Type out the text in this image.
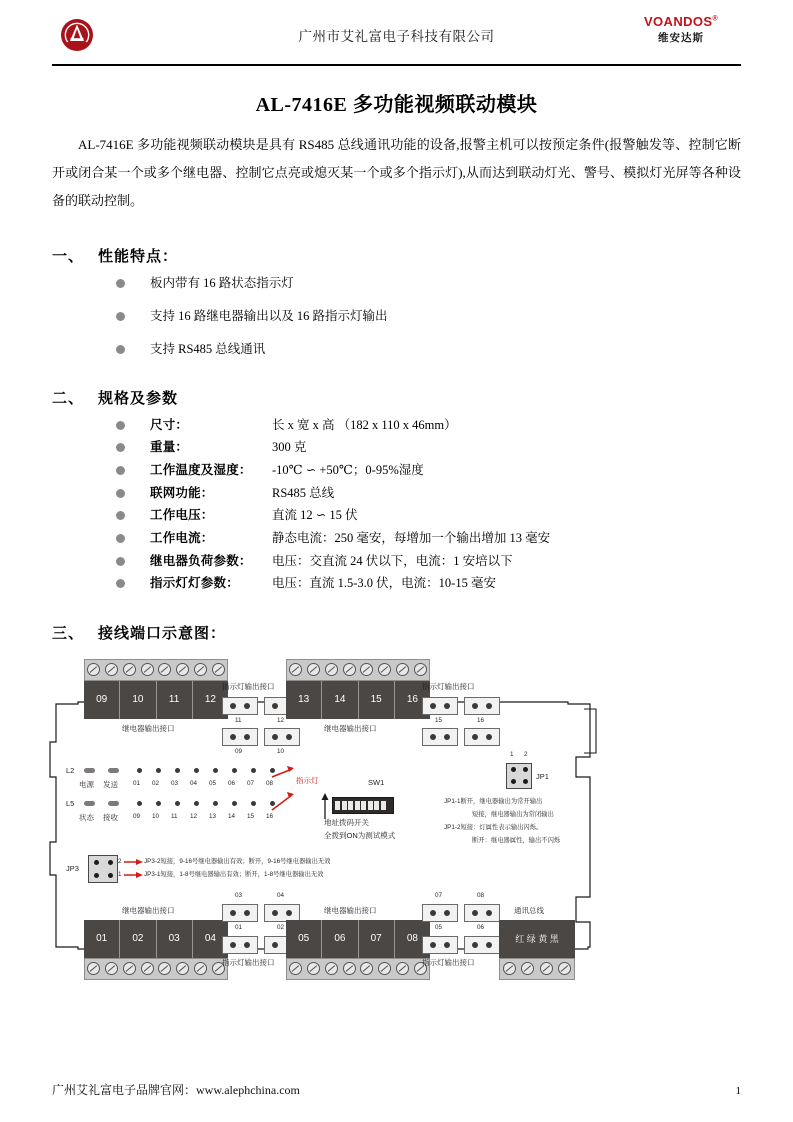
广州市艾礼富电子科技有限公司
VOANDOS®
维安达斯
AL-7416E 多功能视频联动模块

AL-7416E 多功能视频联动模块是具有 RS485 总线通讯功能的设备,报警主机可以按预定条件(报警触发等、控制它断开或闭合某一个或多个继电器、控制它点亮或熄灭某一个或多个指示灯),从而达到联动灯光、警号、模拟灯光屏等各种设备的联动控制。

一、 性能特点：
板内带有 16 路状态指示灯
支持 16 路继电器输出以及 16 路指示灯输出
支持 RS485 总线通讯
二、 规格及参数
尺寸：	长 x 宽 x 高 （182 x 110 x 46mm）
重量：	300 克
工作温度及湿度：	-10℃ ∽ +50℃；0-95%湿度
联网功能：	RS485 总线
工作电压：	直流 12 ∽ 15 伏
工作电流：	静态电流：250 毫安，每增加一个输出增加 13 毫安
继电器负荷参数：	电压：交直流 24 伏以下，电流：1 安培以下
指示灯灯参数：	电压：直流 1.5-3.0 伏，电流：10-15 毫安
三、 接线端口示意图：
09	10	11	12
继电器输出接口
指示灯输出接口
11	12
09	10
13	14	15	16
继电器输出接口
指示灯输出接口
15	16
1 2
JP1
JP1-1断开，继电器输出为常开输出
短接，继电器输出为常闭输出
JP1-2短接：灯属性表示输出闪烁。
断开：继电器属性，输出不闪烁
L2
电源 发送 01 02 03 04 05 06 07 08
L5
状态 接收 09 10 11 12 13 14 15 16
指示灯	SW1
ON
地址拨码开关
全拨到ON为测试模式
JP3
2
1
JP3-2短接，9-16号继电器输出有效；断开，9-16号继电器输出无效
JP3-1短接，1-8号继电器输出有效；断开，1-8号继电器输出无效
继电器输出接口
01	02	03	04
03	04
01	02
指示灯输出接口
继电器输出接口
05	06	07	08
07	08
05	06
指示灯输出接口
通讯总线
红 绿 黄 黑
广州艾礼富电子品牌官网：www.alephchina.com	1
